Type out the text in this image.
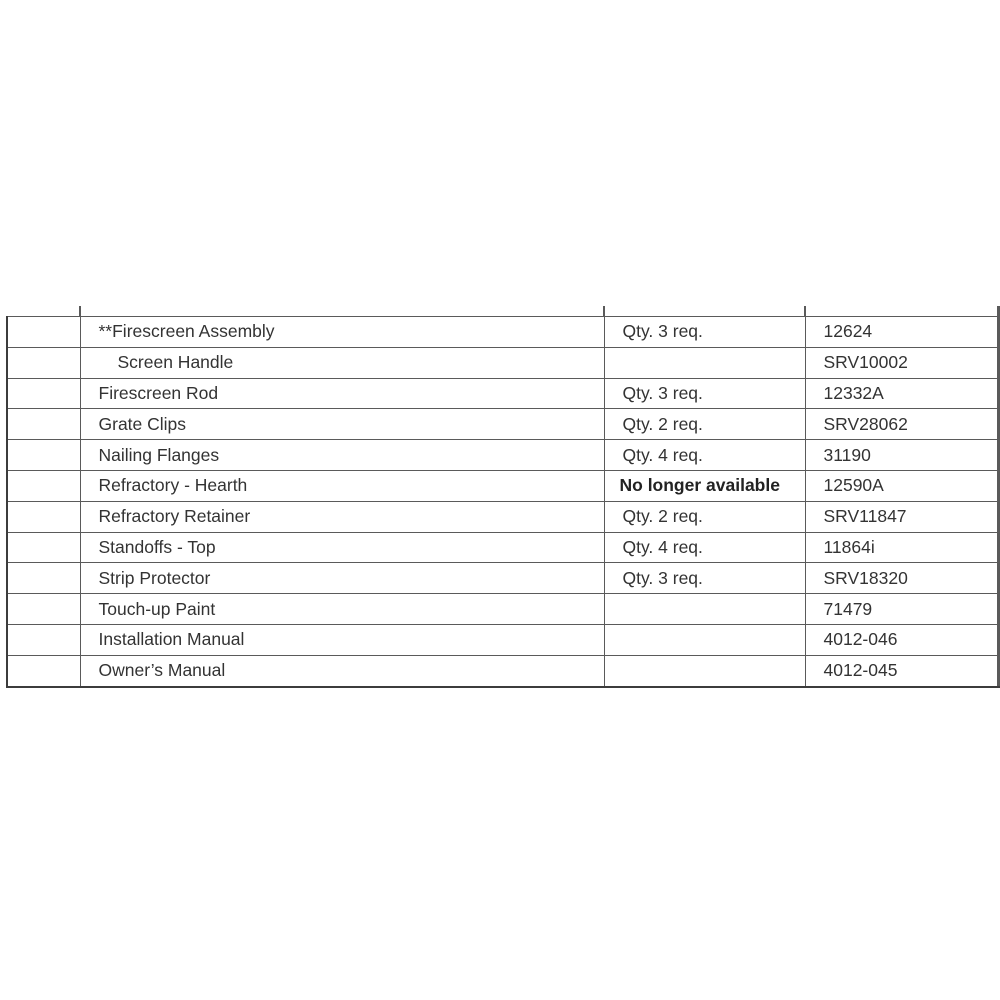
	**Firescreen Assembly	Qty. 3 req.	12624
	Screen Handle		SRV10002
	Firescreen Rod	Qty. 3 req.	12332A
	Grate Clips	Qty. 2 req.	SRV28062
	Nailing Flanges	Qty. 4 req.	31190
	Refractory - Hearth	No longer available	12590A
	Refractory Retainer	Qty. 2 req.	SRV11847
	Standoffs - Top	Qty. 4 req.	11864i
	Strip Protector	Qty. 3 req.	SRV18320
	Touch-up Paint		71479
	Installation Manual		4012-046
	Owner’s Manual		4012-045
